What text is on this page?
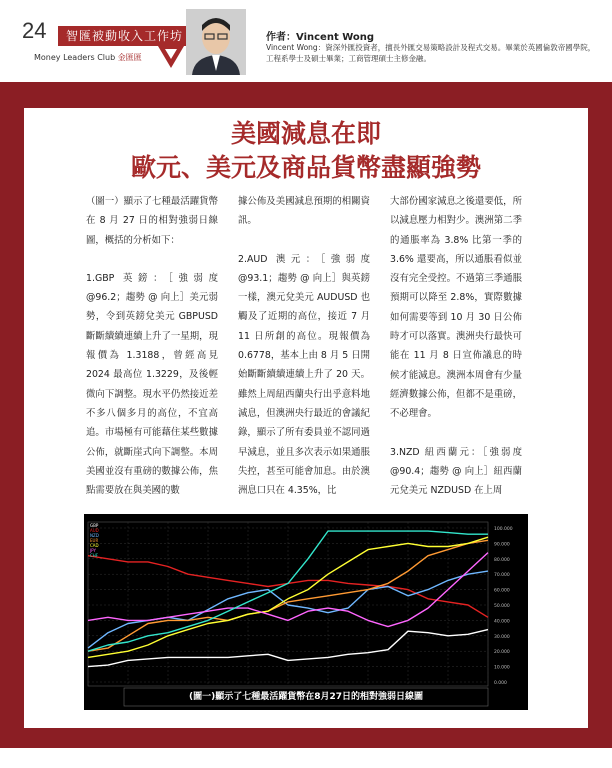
24	智匯被動收入工作坊
Money Leaders Club 金匯匯
作者：Vincent Wong
Vincent Wong：資深外匯投資者，擅長外匯交易策略設計及程式交易。畢業於英國倫敦帝國學院，工程系學士及碩士畢業；工商管理碩士主修金融。
美國減息在即
歐元、美元及商品貨幣盡顯強勢

（圖一）顯示了七種最活躍貨幣在 8 月 27 日的相對強弱日線圖，概括的分析如下：

1.GBP 英鎊：［強弱度 @96.2；趨勢 @ 向上］美元弱勢，令到英鎊兌美元 GBPUSD 斷斷續續連續上升了一星期，現報價為 1.3188，曾經高見 2024 最高位 1.3229，及後輕微向下調整。現水平仍然接近差不多八個多月的高位，不宜高追。市場極有可能藉住某些數據公佈，就斷崖式向下調整。本周美國並沒有重磅的數據公佈，焦點需要放在與美國的數

據公佈及美國減息預期的相關資訊。

2.AUD 澳元：［強弱度 @93.1；趨勢 @ 向上］與英鎊一樣，澳元兌美元 AUDUSD 也觸及了近期的高位，接近 7 月 11 日所創的高位。現報價為 0.6778，基本上由 8 月 5 日開始斷斷續續連續上升了 20 天。雖然上周紐西蘭央行出乎意料地減息，但澳洲央行最近的會議紀錄，顯示了所有委員並不認同過早減息，並且多次表示如果通脹失控，甚至可能會加息。由於澳洲息口只在 4.35%，比

大部份國家減息之後還要低，所以減息壓力相對少。澳洲第二季的通脹率為 3.8% 比第一季的 3.6% 還要高，所以通脹看似並沒有完全受控。不過第三季通脹預期可以降至 2.8%，實際數據如何需要等到 10 月 30 日公佈時才可以落實。澳洲央行最快可能在 11 月 8 日宣佈議息的時候才能減息。澳洲本周會有少量經濟數據公佈，但都不是重磅，不必理會。

3.NZD 紐西蘭元：［強弱度 @90.4；趨勢 @ 向上］紐西蘭元兌美元 NZDUSD 在上周

100.000
90.000
80.000
70.000
60.000
50.000
40.000
30.000
20.000
10.000
0.000
GBP
AUD
NZD
EUR
CAD
JPY
CHF
(圖一)顯示了七種最活躍貨幣在8月27日的相對強弱日線圖
